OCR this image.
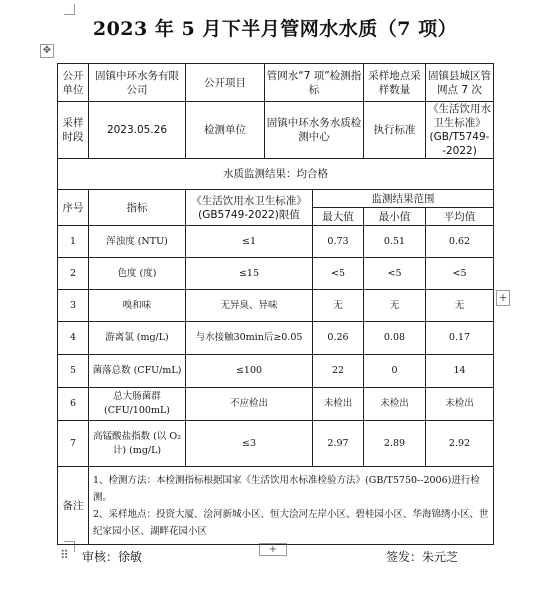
2023 年 5 月下半月管网水水质（7 项）
✥
+
+
公开单位	固镇中环水务有限公司	公开项目	管网水“7 项”检测指标		采样地点采样数量	固镇县城区管网点 7 次
采样时段	2023.05.26	检测单位	固镇中环水务水质检测中心		执行标准	《生活饮用水卫生标准》(GB/T5749--2022)
水质监测结果：均合格						
序号	指标	《生活饮用水卫生标准》(GB5749-2022)限值		监测结果范围		
				最大值	最小值	平均值
1	浑浊度 (NTU)	≤1		0.73	0.51	0.62
2	色度 (度)	≤15		<5	<5	<5
3	嗅和味	无异臭、异味		无	无	无
4	游离氯 (mg/L)	与水接触30min后≥0.05		0.26	0.08	0.17
5	菌落总数 (CFU/mL)	≤100		22	0	14
6	总大肠菌群 (CFU/100mL)	不应检出		未检出	未检出	未检出
7	高锰酸盐指数 (以 O₂计) (mg/L)	≤3		2.97	2.89	2.92
备注	1、检测方法：本检测指标根据国家《生活饮用水标准检验方法》(GB/T5750--2006)进行检测。
2、采样地点：投资大厦、浍河新城小区、恒大浍河左岸小区、碧桂园小区、华海锦绣小区、世纪家园小区、湖畔花园小区					
⠿ 审核：徐敏	签发：朱元芝
